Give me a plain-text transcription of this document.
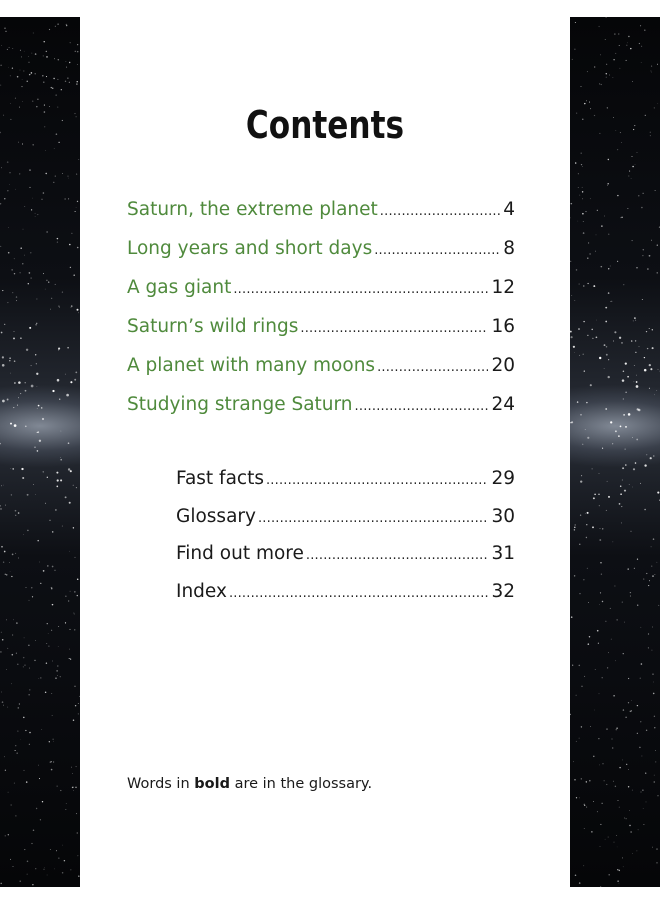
Contents
Saturn, the extreme planet .....	4
Long years and short days .....	8
A gas giant .....	12
Saturn’s wild rings .....	16
A planet with many moons .....	20
Studying strange Saturn .....	24
Fast facts .....	29
Glossary .....	30
Find out more .....	31
Index .....	32
Words in bold are in the glossary.
